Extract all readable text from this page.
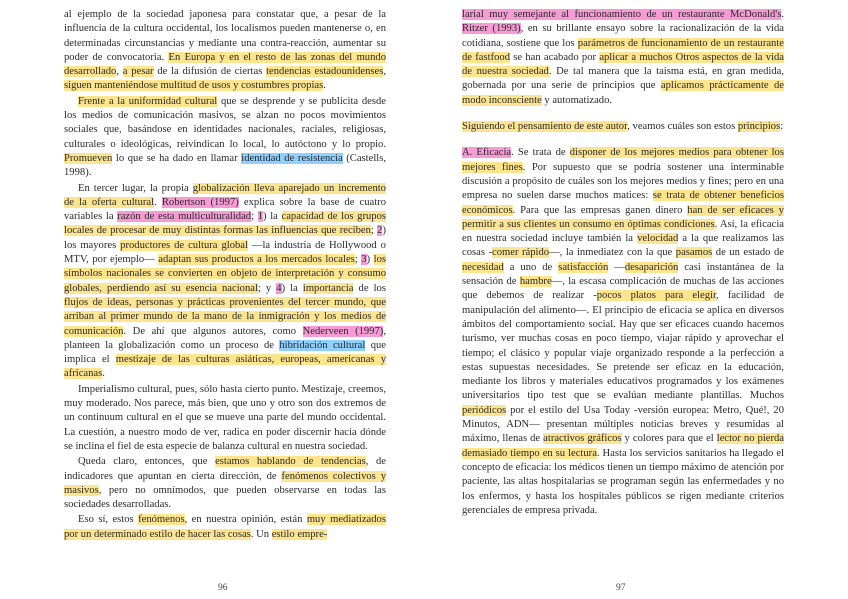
al ejemplo de la sociedad japonesa para constatar que, a pesar de la influencia de la cultura occidental, los localismos pueden mantenerse o, en determinadas circunstancias y mediante una contra-reacción, aumentar su poder de convocatoria. En Europa y en el resto de las zonas del mundo desarrollado, a pesar de la difusión de ciertas tendencias estadounidenses, siguen manteniéndose multitud de usos y costumbres propias.

Frente a la uniformidad cultural que se desprende y se publicita desde los medios de comunicación masivos, se alzan no pocos movimientos sociales que, basándose en identidades nacionales, raciales, religiosas, culturales o ideológicas, reivindican lo local, lo autóctono y lo propio. Promueven lo que se ha dado en llamar identidad de resistencia (Castells, 1998).

En tercer lugar, la propia globalización lleva aparejado un incremento de la oferta cultural. Robertson (1997) explica sobre la base de cuatro variables la razón de esta multiculturalidad; 1) la capacidad de los grupos locales de procesar de muy distintas formas las influencias que reciben; 2) los mayores productores de cultura global —la industria de Hollywood o MTV, por ejemplo— adaptan sus productos a los mercados locales; 3) los símbolos nacionales se convierten en objeto de interpretación y consumo globales, perdiendo así su esencia nacional; y 4) la importancia de los flujos de ideas, personas y prácticas provenientes del tercer mundo, que arriban al primer mundo de la mano de la inmigración y los medios de comunicación. De ahí que algunos autores, como Nederveen (1997), planteen la globalización como un proceso de hibridación cultural que implica el mestizaje de las culturas asiáticas, europeas, americanas y africanas.

Imperialismo cultural, pues, sólo hasta cierto punto. Mestizaje, creemos, muy moderado. Nos parece, más bien, que uno y otro son dos extremos de un continuum cultural en el que se mueve una parte del mundo occidental. La cuestión, a nuestro modo de ver, radica en poder discernir hacia dónde se inclina el fiel de esta especie de balanza cultural en nuestra sociedad.

Queda claro, entonces, que estamos hablando de tendencias, de indicadores que apuntan en cierta dirección, de fenómenos colectivos y masivos, pero no omnímodos, que pueden observarse en todas las sociedades desarrolladas.

Eso sí, estos fenómenos, en nuestra opinión, están muy mediatizados por un determinado estilo de hacer las cosas. Un estilo empre-

96

larial muy semejante al funcionamiento de un restaurante McDonald's. Ritzer (1993), en su brillante ensayo sobre la racionalización de la vida cotidiana, sostiene que los parámetros de funcionamiento de un restaurante de fastfood se han acabado por aplicar a muchos Otros aspectos de la vida de nuestra sociedad. De tal manera que la taisma está, en gran medida, gobernada por una serie de principios que aplicamos prácticamente de modo inconsciente y automatizado.

Siguiendo el pensamiento de este autor, veamos cuáles son estos principios:

A. Eficacia. Se trata de disponer de los mejores medios para obtener los mejores fines. Por supuesto que se podría sostener una interminable discusión a propósito de cuáles son los mejores medios y fines; pero en una empresa no suelen darse muchos matices: se trata de obtener beneficios económicos. Para que las empresas ganen dinero han de ser eficaces y permitir a sus clientes un consumo en óptimas condiciones. Así, la eficacia en nuestra sociedad incluye también la velocidad a la que realizamos las cosas -comer rápido—, la inmediatez con la que pasamos de un estado de necesidad a uno de satisfacción —desaparición casi instantánea de la sensación de hambre—, la escasa complicación de muchas de las acciones que debemos de realizar -pocos platos para elegir, facilidad de manipulación del alimento—. El principio de eficacia se aplica en diversos ámbitos del comportamiento social. Hay que ser eficaces cuando hacemos turismo, ver muchas cosas en poco tiempo, viajar rápido y aprovechar el tiempo; el clásico y popular viaje organizado responde a la perfección a estas supuestas necesidades. Se pretende ser eficaz en la educación, mediante los libros y materiales educativos programados y los exámenes universitarios tipo test que se evalúan mediante plantillas. Muchos periódicos por el estilo del Usa Today -versión europea: Metro, Qué!, 20 Minutos, ADN— presentan múltiples noticias breves y resumidas al máximo, llenas de atractivos gráficos y colores para que el lector no pierda demasiado tiempo en su lectura. Hasta los servicios sanitarios ha llegado el concepto de eficacia: los médicos tienen un tiempo máximo de atención por paciente, las altas hospitalarias se programan según las enfermedades y no los enfermos, y hasta los hospitales públicos se rigen mediante criterios gerenciales de empresa privada.

97
